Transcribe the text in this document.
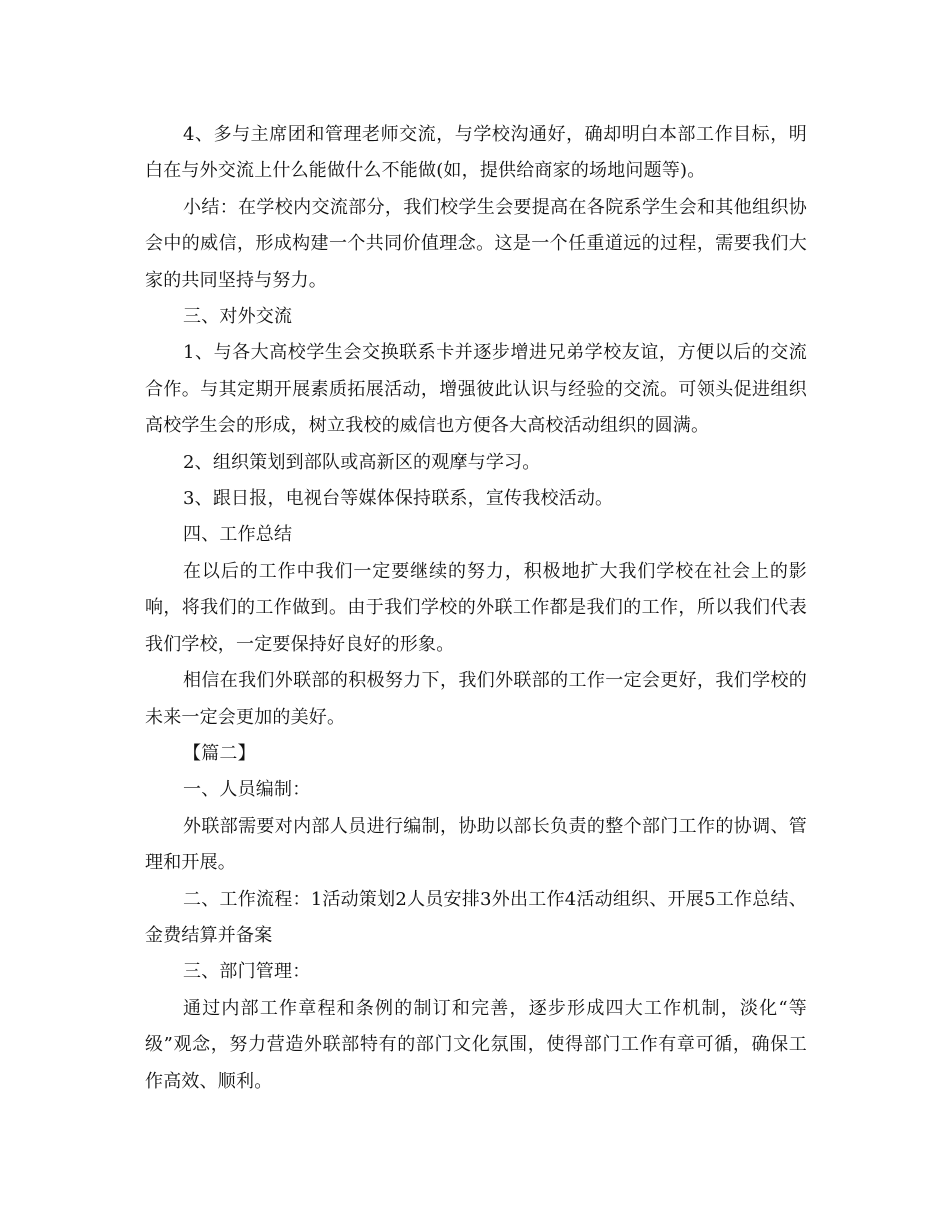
4、多与主席团和管理老师交流，与学校沟通好，确却明白本部工作目标，明白在与外交流上什么能做什么不能做(如，提供给商家的场地问题等)。

小结：在学校内交流部分，我们校学生会要提高在各院系学生会和其他组织协会中的威信，形成构建一个共同价值理念。这是一个任重道远的过程，需要我们大家的共同坚持与努力。

三、对外交流

1、与各大高校学生会交换联系卡并逐步增进兄弟学校友谊，方便以后的交流合作。与其定期开展素质拓展活动，增强彼此认识与经验的交流。可领头促进组织高校学生会的形成，树立我校的威信也方便各大高校活动组织的圆满。

2、组织策划到部队或高新区的观摩与学习。

3、跟日报，电视台等媒体保持联系，宣传我校活动。

四、工作总结

在以后的工作中我们一定要继续的努力，积极地扩大我们学校在社会上的影响，将我们的工作做到。由于我们学校的外联工作都是我们的工作，所以我们代表我们学校，一定要保持好良好的形象。

相信在我们外联部的积极努力下，我们外联部的工作一定会更好，我们学校的未来一定会更加的美好。

【篇二】

一、人员编制：

外联部需要对内部人员进行编制，协助以部长负责的整个部门工作的协调、管理和开展。

二、工作流程：1活动策划2人员安排3外出工作4活动组织、开展5工作总结、金费结算并备案

三、部门管理：

通过内部工作章程和条例的制订和完善，逐步形成四大工作机制，淡化“等级”观念，努力营造外联部特有的部门文化氛围，使得部门工作有章可循，确保工作高效、顺利。
